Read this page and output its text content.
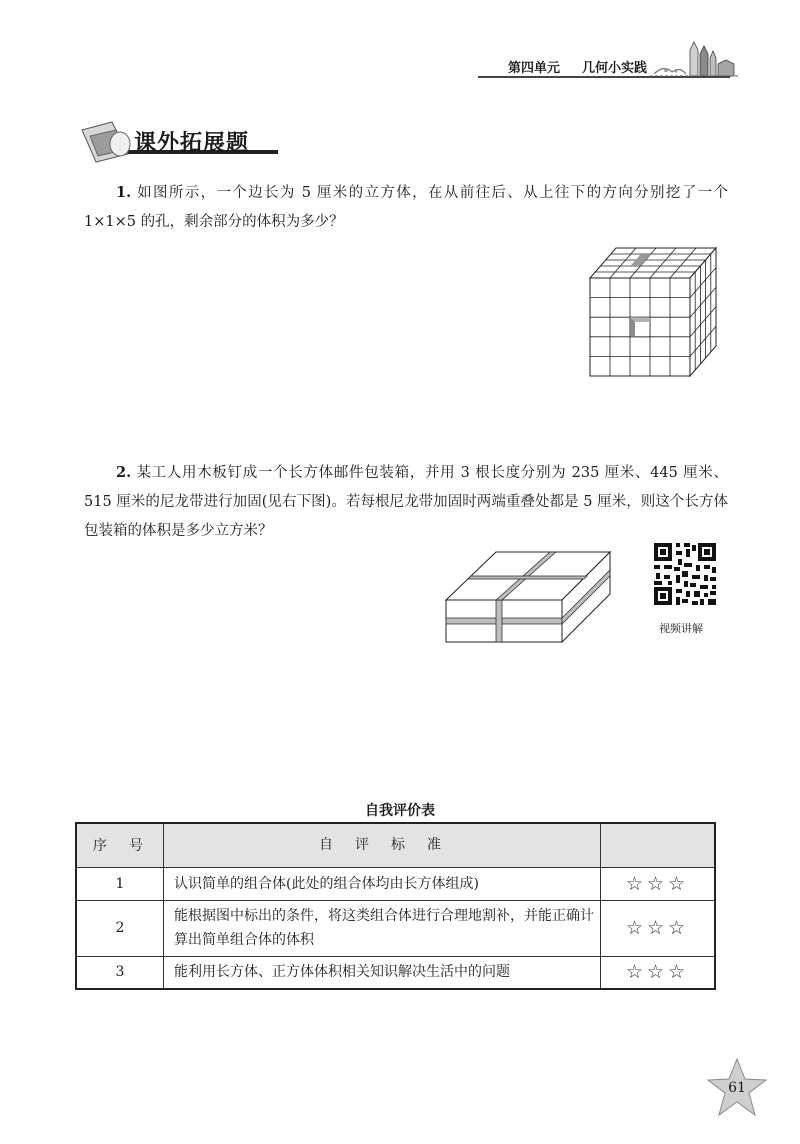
第四单元 几何小实践
课外拓展题
1. 如图所示，一个边长为 5 厘米的立方体，在从前往后、从上往下的方向分别挖了一个 1×1×5 的孔，剩余部分的体积为多少？
2. 某工人用木板钉成一个长方体邮件包装箱，并用 3 根长度分别为 235 厘米、445 厘米、515 厘米的尼龙带进行加固(见右下图)。若每根尼龙带加固时两端重叠处都是 5 厘米，则这个长方体包装箱的体积是多少立方米？
视频讲解
自我评价表
序　号	自　评　标　准	
1	认识简单的组合体(此处的组合体均由长方体组成)	☆☆☆
2	能根据图中标出的条件，将这类组合体进行合理地割补，并能正确计算出简单组合体的体积	☆☆☆
3	能利用长方体、正方体体积相关知识解决生活中的问题	☆☆☆
61
